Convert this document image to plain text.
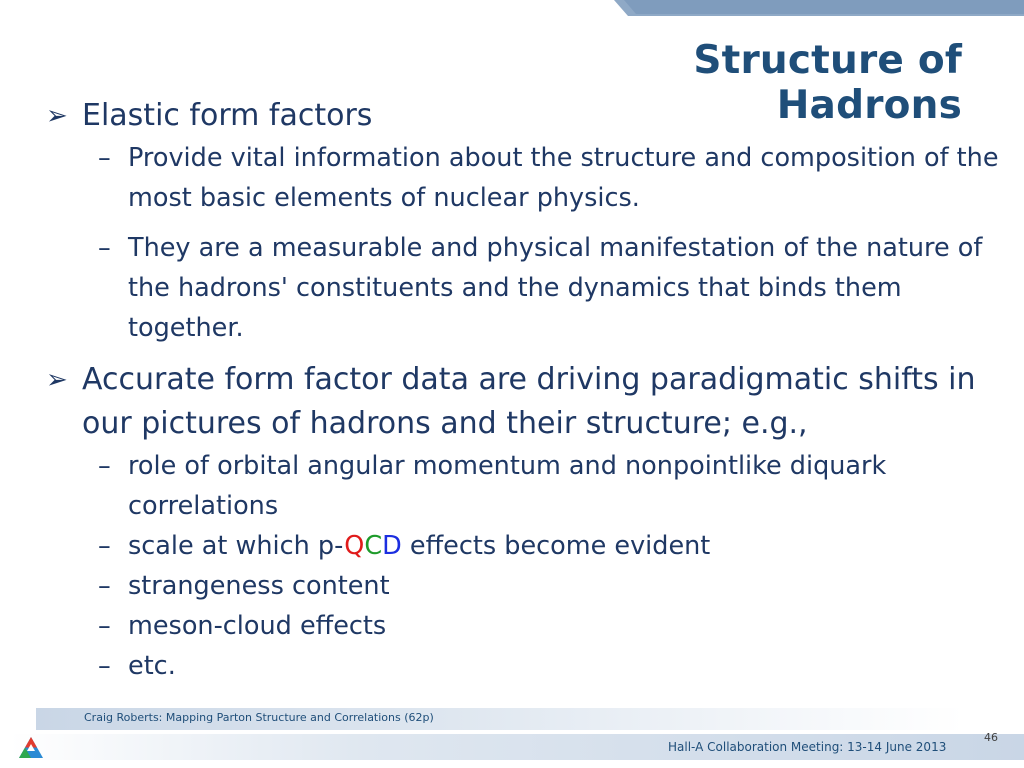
Structure of Hadrons
➢ Elastic form factors
– Provide vital information about the structure and composition of the most basic elements of nuclear physics.
– They are a measurable and physical manifestation of the nature of the hadrons' constituents and the dynamics that binds them together.
➢ Accurate form factor data are driving paradigmatic shifts in our pictures of hadrons and their structure; e.g.,
– role of orbital angular momentum and nonpointlike diquark correlations
– scale at which p-QCD effects become evident
– strangeness content
– meson-cloud effects
– etc.
Craig Roberts: Mapping Parton Structure and Correlations (62p)
Hall-A Collaboration Meeting: 13-14 June 2013
46
